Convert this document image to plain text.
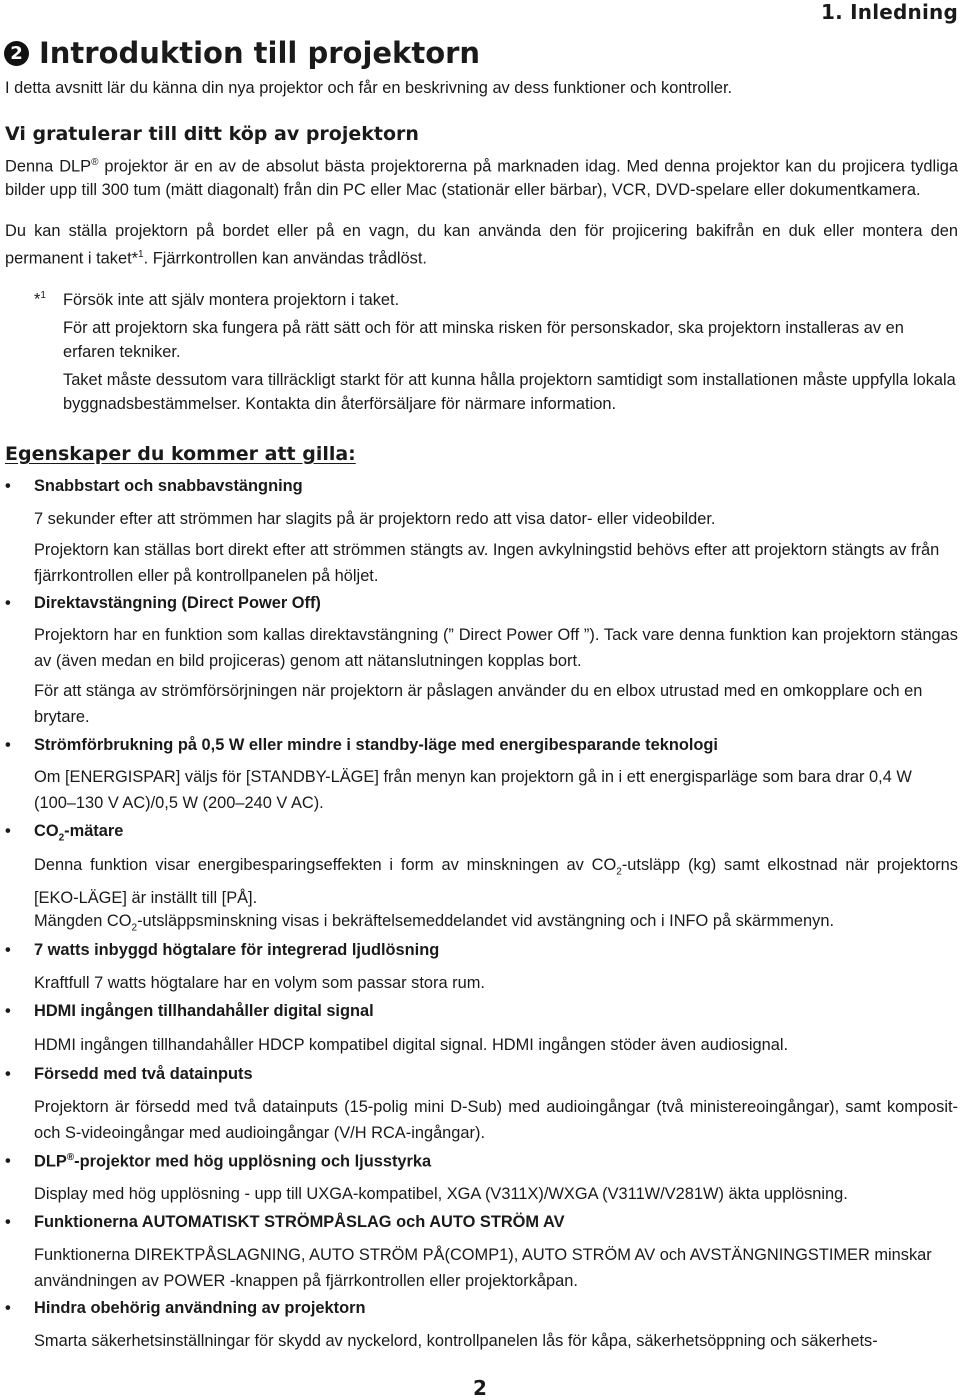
1. Inledning
2 Introduktion till projektorn
I detta avsnitt lär du känna din nya projektor och får en beskrivning av dess funktioner och kontroller.
Vi gratulerar till ditt köp av projektorn
Denna DLP® projektor är en av de absolut bästa projektorerna på marknaden idag. Med denna projektor kan du projicera tydliga bilder upp till 300 tum (mätt diagonalt) från din PC eller Mac (stationär eller bärbar), VCR, DVD-spelare eller dokumentkamera.
Du kan ställa projektorn på bordet eller på en vagn, du kan använda den för projicering bakifrån en duk eller montera den permanent i taket*$^1$. Fjärrkontrollen kan användas trådlöst.
*$^1$ Försök inte att själv montera projektorn i taket.
För att projektorn ska fungera på rätt sätt och för att minska risken för personskador, ska projektorn installeras av en erfaren tekniker.
Taket måste dessutom vara tillräckligt starkt för att kunna hålla projektorn samtidigt som installationen måste uppfylla lokala byggnadsbestämmelser. Kontakta din återförsäljare för närmare information.
Egenskaper du kommer att gilla:
• Snabbstart och snabbavstängning
7 sekunder efter att strömmen har slagits på är projektorn redo att visa dator- eller videobilder.
Projektorn kan ställas bort direkt efter att strömmen stängts av. Ingen avkylningstid behövs efter att projektorn stängts av från fjärrkontrollen eller på kontrollpanelen på höljet.
• Direktavstängning (Direct Power Off)
Projektorn har en funktion som kallas direktavstängning (” Direct Power Off ”). Tack vare denna funktion kan projektorn stängas av (även medan en bild projiceras) genom att nätanslutningen kopplas bort.
För att stänga av strömförsörjningen när projektorn är påslagen använder du en elbox utrustad med en omkopplare och en brytare.
• Strömförbrukning på 0,5 W eller mindre i standby-läge med energibesparande teknologi
Om [ENERGISPAR] väljs för [STANDBY-LÄGE] från menyn kan projektorn gå in i ett energisparläge som bara drar 0,4 W (100–130 V AC)/0,5 W (200–240 V AC).
• $CO_2$-mätare
Denna funktion visar energibesparingseffekten i form av minskningen av $CO_2$-utsläpp (kg) samt elkostnad när projektorns [EKO-LÄGE] är inställt till [PÅ].
Mängden $CO_2$-utsläppsminskning visas i bekräftelsemeddelandet vid avstängning och i INFO på skärmmenyn.
• 7 watts inbyggd högtalare för integrerad ljudlösning
Kraftfull 7 watts högtalare har en volym som passar stora rum.
• HDMI ingången tillhandahåller digital signal
HDMI ingången tillhandahåller HDCP kompatibel digital signal. HDMI ingången stöder även audiosignal.
• Försedd med två datainputs
Projektorn är försedd med två datainputs (15-polig mini D-Sub) med audioingångar (två ministereoingångar), samt komposit- och S-videoingångar med audioingångar (V/H RCA-ingångar).
• DLP®-projektor med hög upplösning och ljusstyrka
Display med hög upplösning - upp till UXGA-kompatibel, XGA (V311X)/WXGA (V311W/V281W) äkta upplösning.
• Funktionerna AUTOMATISKT STRÖMPÅSLAG och AUTO STRÖM AV
Funktionerna DIREKTPÅSLAGNING, AUTO STRÖM PÅ(COMP1), AUTO STRÖM AV och AVSTÄNGNINGSTIMER minskar användningen av POWER -knappen på fjärrkontrollen eller projektorkåpan.
• Hindra obehörig användning av projektorn
Smarta säkerhetsinställningar för skydd av nyckelord, kontrollpanelen lås för kåpa, säkerhetsöppning och säkerhets-
2
